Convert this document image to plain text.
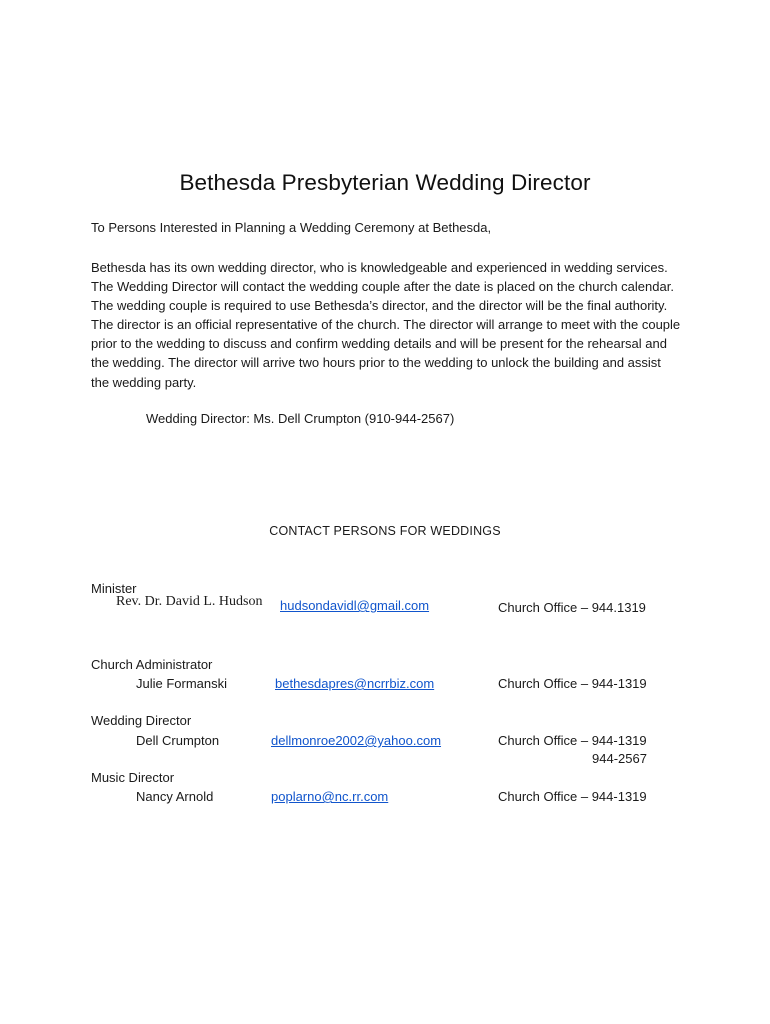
Bethesda Presbyterian Wedding Director
To Persons Interested in Planning a Wedding Ceremony at Bethesda,
Bethesda has its own wedding director, who is knowledgeable and experienced in wedding services. The Wedding Director will contact the wedding couple after the date is placed on the church calendar. The wedding couple is required to use Bethesda’s director, and the director will be the final authority. The director is an official representative of the church. The director will arrange to meet with the couple prior to the wedding to discuss and confirm wedding details and will be present for the rehearsal and the wedding. The director will arrive two hours prior to the wedding to unlock the building and assist the wedding party.
Wedding Director: Ms. Dell Crumpton (910-944-2567)
CONTACT PERSONS FOR WEDDINGS
Minister
Rev. Dr. David L. Hudson hudsondavidl@gmail.com	Church Office – 944.1319
Church Administrator
Julie Formanski	bethesdapres@ncrrbiz.com	Church Office – 944-1319
Wedding Director
Dell Crumpton	dellmonroe2002@yahoo.com	Church Office – 944-1319
944-2567
Music Director
Nancy Arnold	poplarno@nc.rr.com	Church Office – 944-1319
